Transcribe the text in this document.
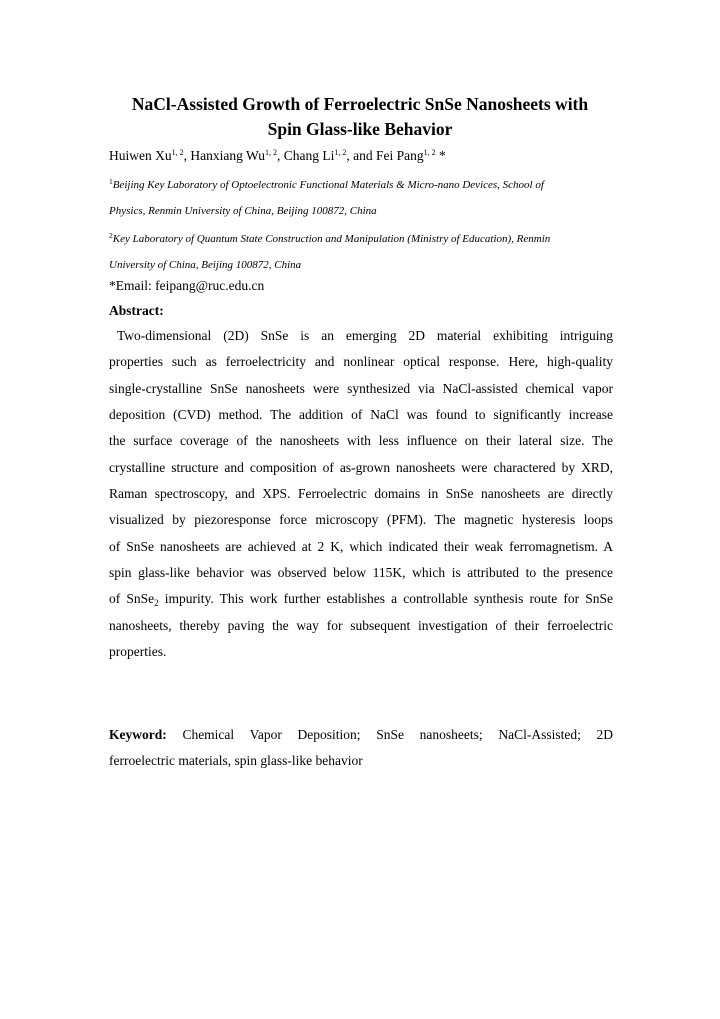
NaCl-Assisted Growth of Ferroelectric SnSe Nanosheets with
Spin Glass-like Behavior
Huiwen Xu$^{1, 2}$, Hanxiang Wu$^{1, 2}$, Chang Li$^{1, 2}$, and Fei Pang$^{1, 2}$ *
$^1$Beijing Key Laboratory of Optoelectronic Functional Materials & Micro-nano Devices, School of
Physics, Renmin University of China, Beijing 100872, China
$^2$Key Laboratory of Quantum State Construction and Manipulation (Ministry of Education), Renmin
University of China, Beijing 100872, China
*Email: feipang@ruc.edu.cn
Abstract:
Two-dimensional (2D) SnSe is an emerging 2D material exhibiting intriguing
properties such as ferroelectricity and nonlinear optical response. Here, high-quality
single-crystalline SnSe nanosheets were synthesized via NaCl-assisted chemical vapor
deposition (CVD) method. The addition of NaCl was found to significantly increase
the surface coverage of the nanosheets with less influence on their lateral size. The
crystalline structure and composition of as-grown nanosheets were charactered by XRD,
Raman spectroscopy, and XPS. Ferroelectric domains in SnSe nanosheets are directly
visualized by piezoresponse force microscopy (PFM). The magnetic hysteresis loops
of SnSe nanosheets are achieved at 2 K, which indicated their weak ferromagnetism. A
spin glass-like behavior was observed below 115K, which is attributed to the presence
of SnSe$_2$ impurity. This work further establishes a controllable synthesis route for SnSe
nanosheets, thereby paving the way for subsequent investigation of their ferroelectric
properties.
Keyword: Chemical Vapor Deposition; SnSe nanosheets; NaCl-Assisted; 2D
ferroelectric materials, spin glass-like behavior
